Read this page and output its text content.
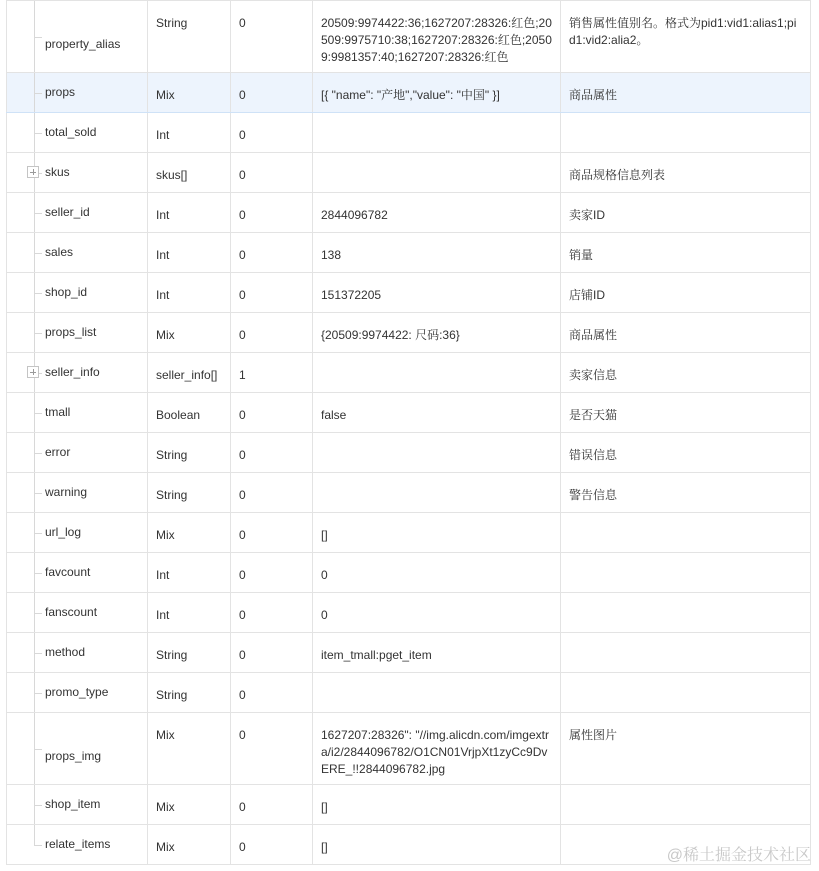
property_alias	String	0	20509:9974422:36;1627207:28326:红色;20509:9975710:38;1627207:28326:红色;20509:9981357:40;1627207:28326:红色	销售属性值别名。格式为pid1:vid1:alias1;pid1:vid2:alia2。

props	Mix	0	[{ "name": "产地","value": "中国" }]	商品属性

total_sold	Int	0		

skus	skus[]	0		商品规格信息列表

seller_id	Int	0	2844096782	卖家ID

sales	Int	0	138	销量

shop_id	Int	0	151372205	店铺ID

props_list	Mix	0	{20509:9974422: 尺码:36}	商品属性

seller_info	seller_info[]	1		卖家信息

tmall	Boolean	0	false	是否天猫

error	String	0		错误信息

warning	String	0		警告信息

url_log	Mix	0	[]	

favcount	Int	0	0	

fanscount	Int	0	0	

method	String	0	item_tmall:pget_item	

promo_type	String	0		

props_img	Mix	0	1627207:28326": "//img.alicdn.com/imgextra/i2/2844096782/O1CN01VrjpXt1zyCc9DvERE_!!2844096782.jpg	属性图片

shop_item	Mix	0	[]	

relate_items	Mix	0	[]		@稀土掘金技术社区
